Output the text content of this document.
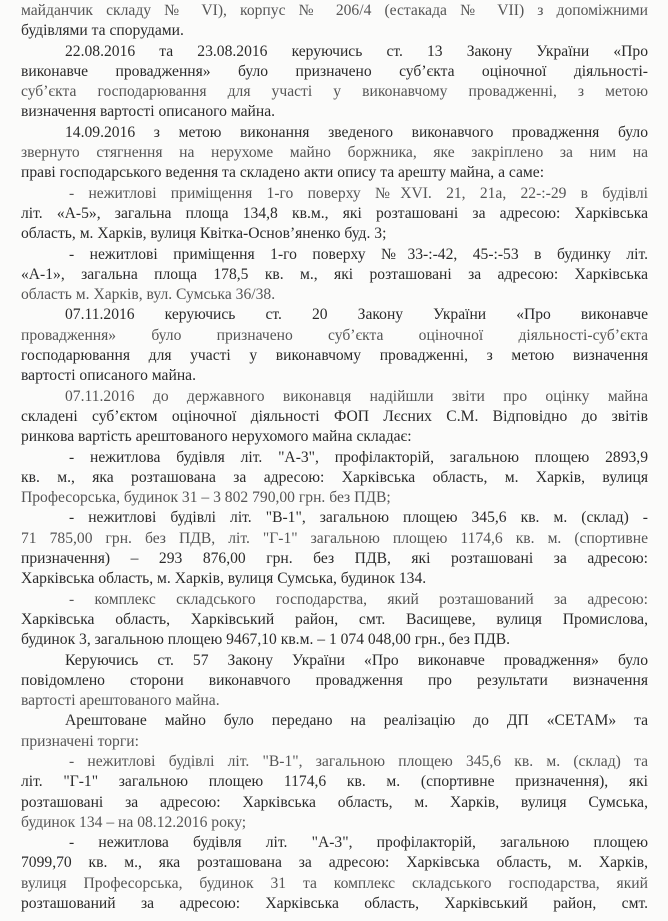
майданчик складу № VI), корпус № 206/4 (естакада № VII) з допоміжними
будівлями та спорудами.
22.08.2016 та 23.08.2016 керуючись ст. 13 Закону України «Про
виконавче провадження» було призначено суб’єкта оціночної діяльності-
суб’єкта господарювання для участі у виконавчому провадженні, з метою
визначення вартості описаного майна.
14.09.2016 з метою виконання зведеного виконавчого провадження було
звернуто стягнення на нерухоме майно боржника, яке закріплено за ним на
праві господарського ведення та складено акти опису та арешту майна, а саме:
- нежитлові приміщення 1-го поверху №XVI. 21, 21а, 22-:-29 в будівлі
літ. «А-5», загальна площа 134,8 кв.м., які розташовані за адресою: Харківська
область, м. Харків, вулиця Квітка-Основ’яненко буд. 3;
- нежитлові приміщення 1-го поверху №33-:-42, 45-:-53 в будинку літ.
«А-1», загальна площа 178,5 кв. м., які розташовані за адресою: Харківська
область м. Харків, вул. Сумська 36/38.
07.11.2016 керуючись ст. 20 Закону України «Про виконавче
провадження» було призначено суб’єкта оціночної діяльності-суб’єкта
господарювання для участі у виконавчому провадженні, з метою визначення
вартості описаного майна.
07.11.2016 до державного виконавця надійшли звіти про оцінку майна
складені суб’єктом оціночної діяльності ФОП Лєсних С.М. Відповідно до звітів
ринкова вартість арештованого нерухомого майна складає:
- нежитлова будівля літ. "А-3", профілакторій, загальною площею 2893,9
кв. м., яка розташована за адресою: Харківська область, м. Харків, вулиця
Професорська, будинок 31 – 3 802 790,00 грн. без ПДВ;
- нежитлові будівлі літ. "В-1", загальною площею 345,6 кв. м. (склад) -
71 785,00 грн. без ПДВ, літ. "Г-1" загальною площею 1174,6 кв. м. (спортивне
призначення) – 293 876,00 грн. без ПДВ, які розташовані за адресою:
Харківська область, м. Харків, вулиця Сумська, будинок 134.
- комплекс складського господарства, який розташований за адресою:
Харківська область, Харківський район, смт. Васищеве, вулиця Промислова,
будинок 3, загальною площею 9467,10 кв.м. – 1 074 048,00 грн., без ПДВ.
Керуючись ст. 57 Закону України «Про виконавче провадження» було
повідомлено сторони виконавчого провадження про результати визначення
вартості арештованого майна.
Арештоване майно було передано на реалізацію до ДП «СЕТАМ» та
призначені торги:
- нежитлові будівлі літ. "В-1", загальною площею 345,6 кв. м. (склад) та
літ. "Г-1" загальною площею 1174,6 кв. м. (спортивне призначення), які
розташовані за адресою: Харківська область, м. Харків, вулиця Сумська,
будинок 134 – на 08.12.2016 року;
- нежитлова будівля літ. "А-3", профілакторій, загальною площею
7099,70 кв. м., яка розташована за адресою: Харківська область, м. Харків,
вулиця Професорська, будинок 31 та комплекс складського господарства, який
розташований за адресою: Харківська область, Харківський район, смт.
